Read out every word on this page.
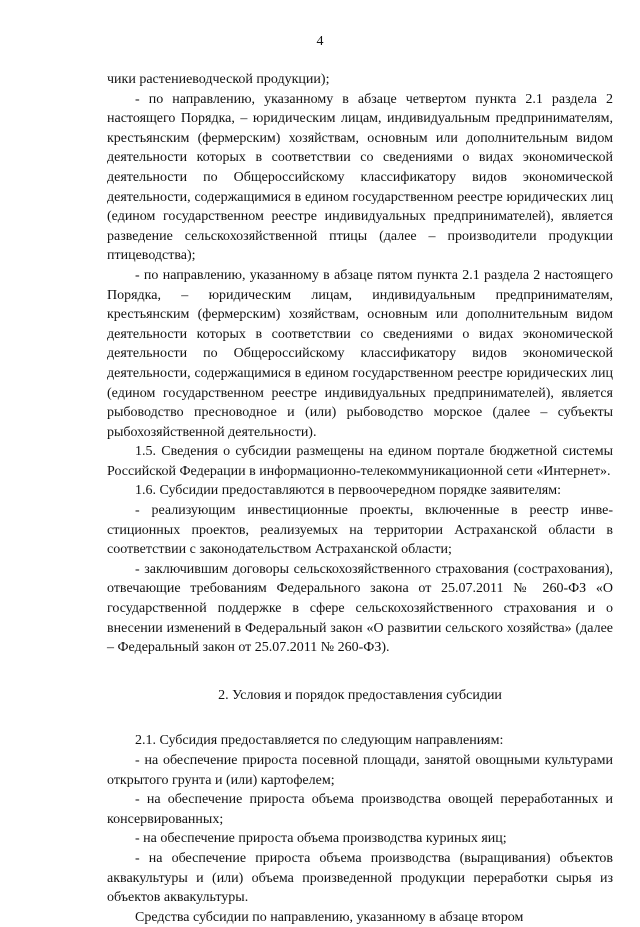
4

чики растениеводческой продукции);

- по направлению, указанному в абзаце четвертом пункта 2.1 раздела 2 настоящего Порядка, – юридическим лицам, индивидуальным предпринимателям, крестьянским (фермерским) хозяйствам, основным или дополнительным видом деятельности которых в соответствии со сведениями о видах экономической деятельности по Общероссийскому классификатору видов экономической деятельности, содержащимися в едином государственном реестре юридических лиц (едином государственном реестре индивидуальных предпринимателей), является разведение сельскохозяйственной птицы (далее – производители продукции птицеводства);

- по направлению, указанному в абзаце пятом пункта 2.1 раздела 2 настоящего Порядка, – юридическим лицам, индивидуальным предпринимателям, крестьянским (фермерским) хозяйствам, основным или дополнительным видом деятельности которых в соответствии со сведениями о видах экономической деятельности по Общероссийскому классификатору видов экономической деятельности, содержащимися в едином государственном реестре юридических лиц (едином государственном реестре индивидуальных предпринимателей), является рыбоводство пресноводное и (или) рыбоводство морское (далее – субъекты рыбохозяйственной деятельности).

1.5. Сведения о субсидии размещены на едином портале бюджетной системы Российской Федерации в информационно-телекоммуникационной сети «Интернет».

1.6. Субсидии предоставляются в первоочередном порядке заявителям:

- реализующим инвестиционные проекты, включенные в реестр инвестиционных проектов, реализуемых на территории Астраханской области в соответствии с законодательством Астраханской области;

- заключившим договоры сельскохозяйственного страхования (сострахования), отвечающие требованиям Федерального закона от 25.07.2011 № 260-ФЗ «О государственной поддержке в сфере сельскохозяйственного страхования и о внесении изменений в Федеральный закон «О развитии сельского хозяйства» (далее – Федеральный закон от 25.07.2011 № 260-ФЗ).

2. Условия и порядок предоставления субсидии

2.1. Субсидия предоставляется по следующим направлениям:

- на обеспечение прироста посевной площади, занятой овощными культурами открытого грунта и (или) картофелем;

- на обеспечение прироста объема производства овощей переработанных и консервированных;

- на обеспечение прироста объема производства куриных яиц;

- на обеспечение прироста объема производства (выращивания) объектов аквакультуры и (или) объема произведенной продукции переработки сырья из объектов аквакультуры.

Средства субсидии по направлению, указанному в абзаце втором
